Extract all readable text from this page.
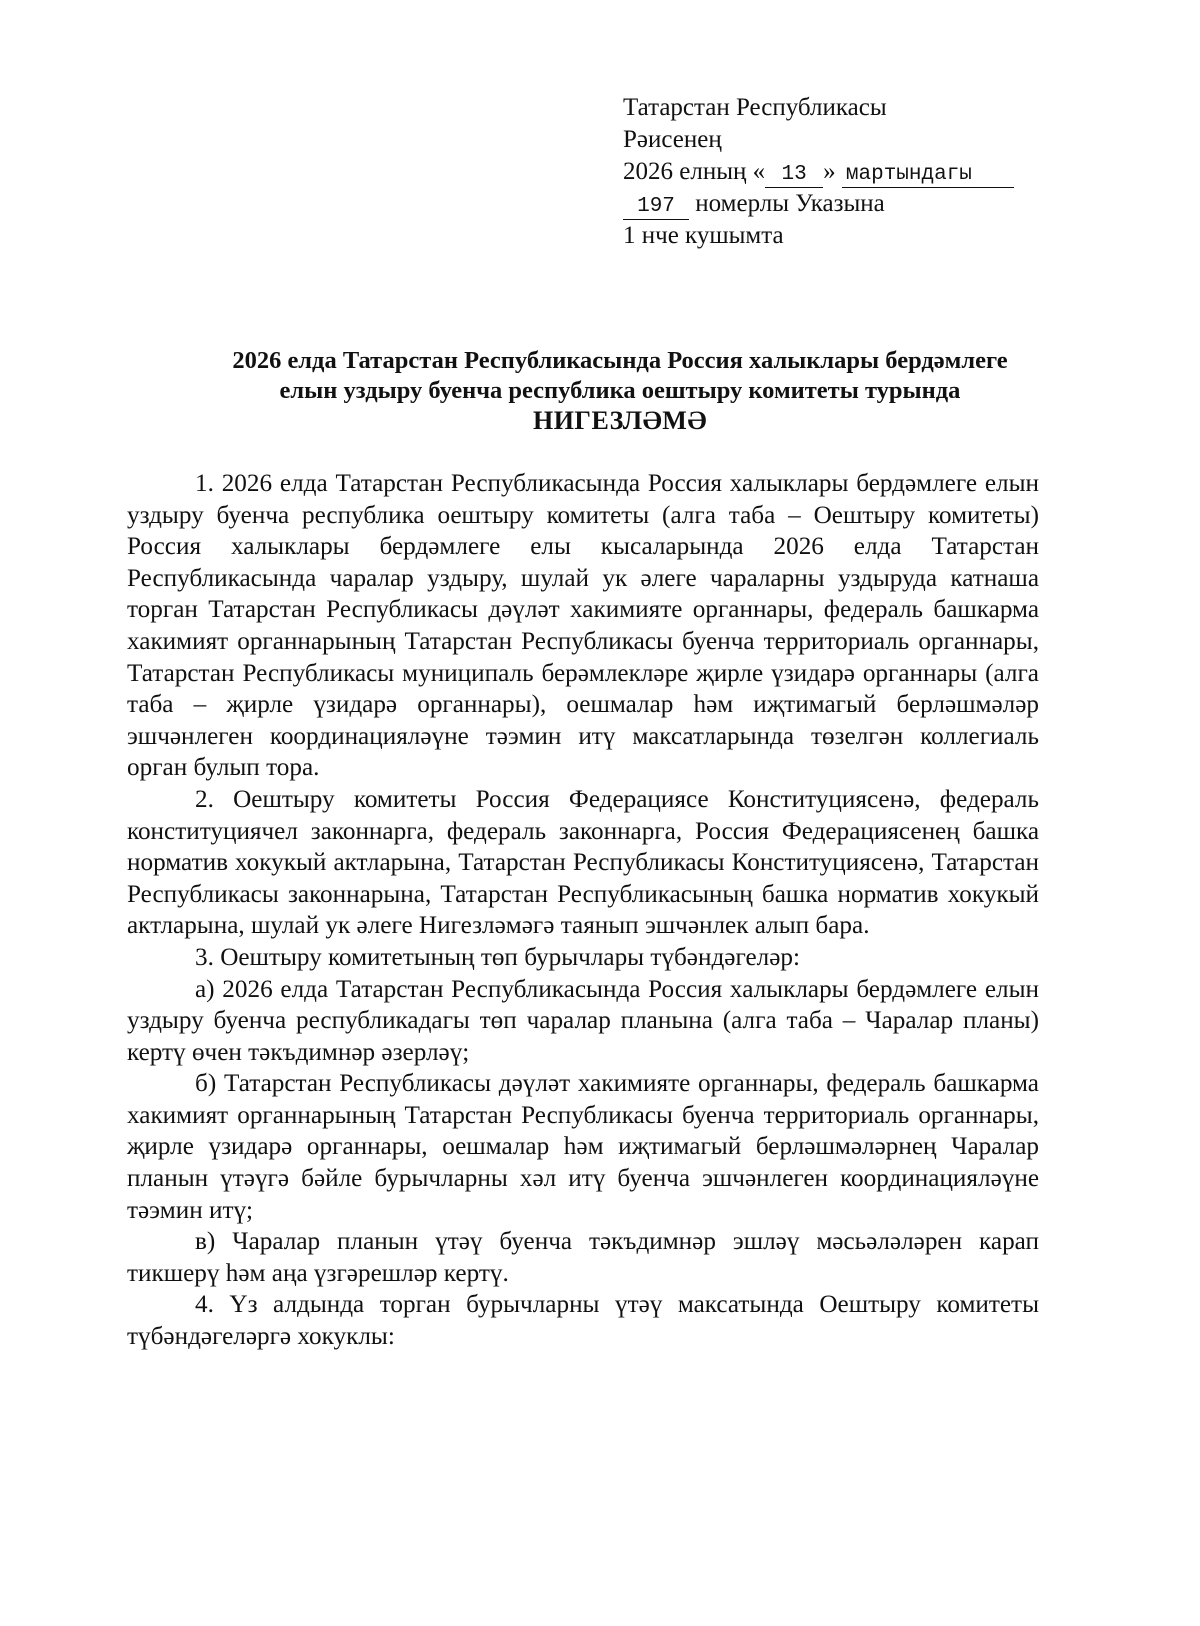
Татарстан Республикасы
Рәисенең
2026 елның « 13 » мартындагы
197 номерлы Указына
1 нче кушымта
2026 елда Татарстан Республикасында Россия халыклары бердәмлеге
елын уздыру буенча республика оештыру комитеты турында
НИГЕЗЛӘМӘ

1. 2026 елда Татарстан Республикасында Россия халыклары бердәмлеге елын уздыру буенча республика оештыру комитеты (алга таба – Оештыру комитеты) Россия халыклары бердәмлеге елы кысаларында 2026 елда Татарстан Республикасында чаралар уздыру, шулай ук әлеге чараларны уздыруда катнаша торган Татарстан Республикасы дәүләт хакимияте органнары, федераль башкарма хакимият органнарының Татарстан Республикасы буенча территориаль органнары, Татарстан Республикасы муниципаль берәмлекләре җирле үзидарә органнары (алга таба – җирле үзидарә органнары), оешмалар һәм иҗтимагый берләшмәләр эшчәнлеген координацияләүне тәэмин итү максатларында төзелгән коллегиаль орган булып тора.

2. Оештыру комитеты Россия Федерациясе Конституциясенә, федераль конституциячел законнарга, федераль законнарга, Россия Федерациясенең башка норматив хокукый актларына, Татарстан Республикасы Конституциясенә, Татарстан Республикасы законнарына, Татарстан Республикасының башка норматив хокукый актларына, шулай ук әлеге Нигезләмәгә таянып эшчәнлек алып бара.

3. Оештыру комитетының төп бурычлары түбәндәгеләр:

а) 2026 елда Татарстан Республикасында Россия халыклары бердәмлеге елын уздыру буенча республикадагы төп чаралар планына (алга таба – Чаралар планы) кертү өчен тәкъдимнәр әзерләү;

б) Татарстан Республикасы дәүләт хакимияте органнары, федераль башкарма хакимият органнарының Татарстан Республикасы буенча территориаль органнары, җирле үзидарә органнары, оешмалар һәм иҗтимагый берләшмәләрнең Чаралар планын үтәүгә бәйле бурычларны хәл итү буенча эшчәнлеген координацияләүне тәэмин итү;

в) Чаралар планын үтәү буенча тәкъдимнәр эшләү мәсьәләләрен карап тикшерү һәм аңа үзгәрешләр кертү.

4. Үз алдында торган бурычларны үтәү максатында Оештыру комитеты түбәндәгеләргә хокуклы:
